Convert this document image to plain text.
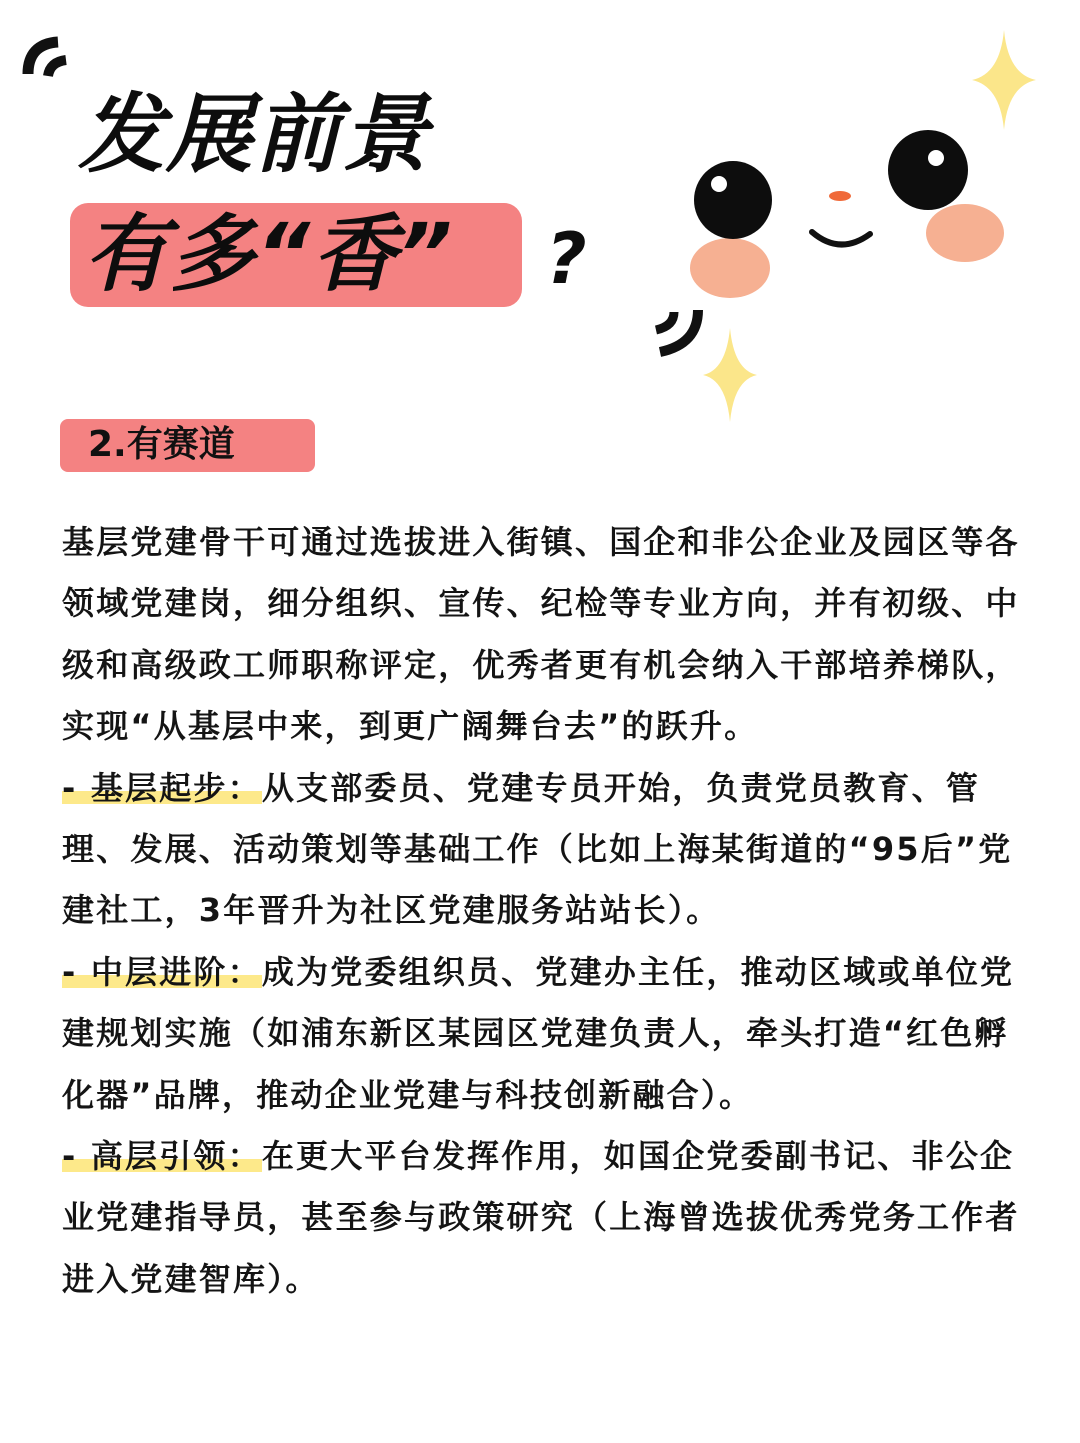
发展前景
有多“香” ?
2.有赛道

基层党建骨干可通过选拔进入街镇、国企和非公企业及园区等各领域党建岗，细分组织、宣传、纪检等专业方向，并有初级、中级和高级政工师职称评定，优秀者更有机会纳入干部培养梯队，实现“从基层中来，到更广阔舞台去”的跃升。

- 基层起步：从支部委员、党建专员开始，负责党员教育、管理、发展、活动策划等基础工作（比如上海某街道的“95后”党建社工，3年晋升为社区党建服务站站长）。

- 中层进阶：成为党委组织员、党建办主任，推动区域或单位党建规划实施（如浦东新区某园区党建负责人，牵头打造“红色孵化器”品牌，推动企业党建与科技创新融合）。

- 高层引领：在更大平台发挥作用，如国企党委副书记、非公企业党建指导员，甚至参与政策研究（上海曾选拔优秀党务工作者进入党建智库）。
